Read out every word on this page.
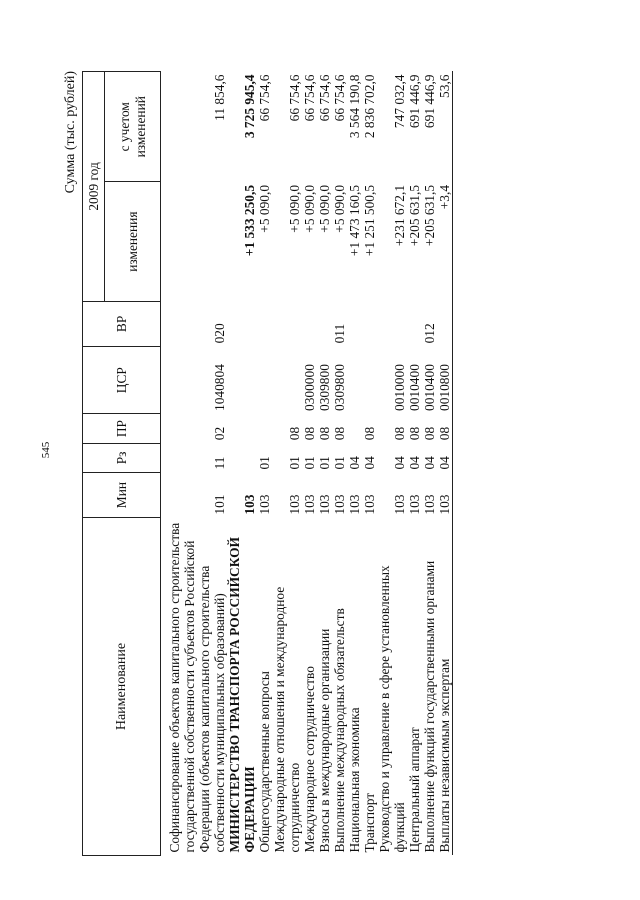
545
Сумма (тыс. рублей)
Наименование	Мин	Рз	ПР	ЦСР	ВР	2009 год	
						изменения	с учетом изменений

Софинансирование объектов капитального строительства государственной собственности субъектов Российской Федерации (объектов капитального строительства собственности муниципальных образований)	101	11	02	1040804	020		11 854,6
МИНИСТЕРСТВО ТРАНСПОРТА РОССИЙСКОЙ ФЕДЕРАЦИИ	103					+1 533 250,5	3 725 945,4
Общегосударственные вопросы	103	01				+5 090,0	66 754,6
Международные отношения и международное сотрудничество	103	01	08			+5 090,0	66 754,6
Международное сотрудничество	103	01	08	0300000		+5 090,0	66 754,6
Взносы в международные организации	103	01	08	0309800		+5 090,0	66 754,6
Выполнение международных обязательств	103	01	08	0309800	011	+5 090,0	66 754,6
Национальная экономика	103	04				+1 473 160,5	3 564 190,8
Транспорт	103	04	08			+1 251 500,5	2 836 702,0
Руководство и управление в сфере установленных функций	103	04	08	0010000		+231 672,1	747 032,4
Центральный аппарат	103	04	08	0010400		+205 631,5	691 446,9
Выполнение функций государственными органами	103	04	08	0010400	012	+205 631,5	691 446,9
Выплаты независимым экспертам	103	04	08	0010800		+3,4	53,6
